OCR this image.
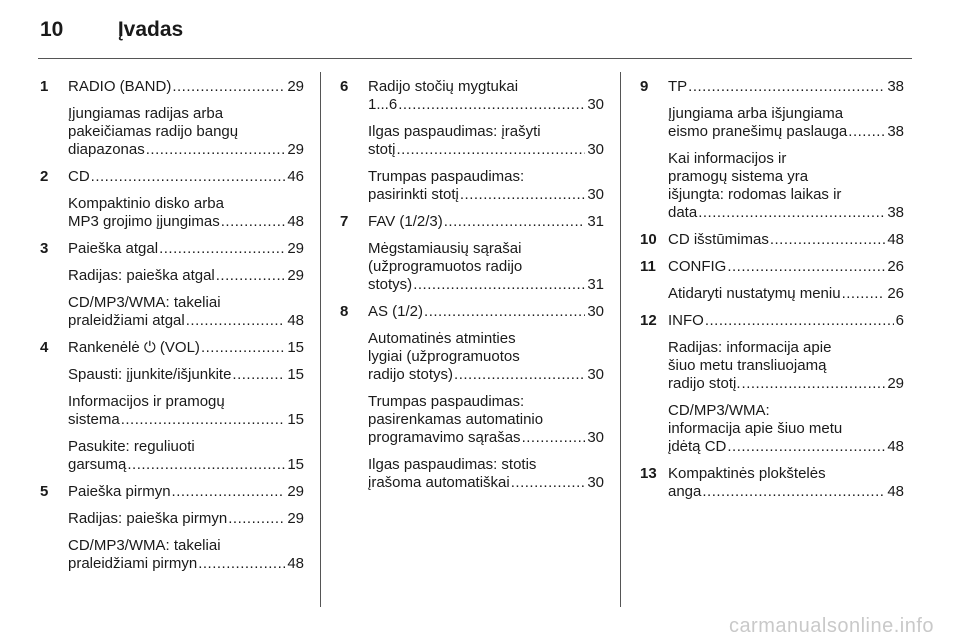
10	Įvadas
1 RADIO (BAND) .....	29
Įjungiamas radijas arba
pakeičiamas radijo bangų
diapazonas .....	29
2 CD .....	46
Kompaktinio disko arba
MP3 grojimo įjungimas .....	48
3 Paieška atgal .....	29
Radijas: paieška atgal .....	29
CD/MP3/WMA: takeliai
praleidžiami atgal .....	48
4 Rankenėlė ⏻ (VOL) .....	15
Spausti: įjunkite/išjunkite .....	15
Informacijos ir pramogų
sistema .....	15
Pasukite: reguliuoti
garsumą .....	15
5 Paieška pirmyn .....	29
Radijas: paieška pirmyn .....	29
CD/MP3/WMA: takeliai
praleidžiami pirmyn .....	48
6 Radijo stočių mygtukai
1...6 .....	30
Ilgas paspaudimas: įrašyti
stotį .....	30
Trumpas paspaudimas:
pasirinkti stotį .....	30
7 FAV (1/2/3) .....	31
Mėgstamiausių sąrašai
(užprogramuotos radijo
stotys) .....	31
8 AS (1/2) .....	30
Automatinės atminties
lygiai (užprogramuotos
radijo stotys) .....	30
Trumpas paspaudimas:
pasirenkamas automatinio
programavimo sąrašas .....	30
Ilgas paspaudimas: stotis
įrašoma automatiškai .....	30
9 TP .....	38
Įjungiama arba išjungiama
eismo pranešimų paslauga .....	38
Kai informacijos ir
pramogų sistema yra
išjungta: rodomas laikas ir
data .....	38
10 CD išstūmimas .....	48
11 CONFIG .....	26
Atidaryti nustatymų meniu .....	26
12 INFO .....	6
Radijas: informacija apie
šiuo metu transliuojamą
radijo stotį. .....	29
CD/MP3/WMA:
informacija apie šiuo metu
įdėtą CD .....	48
13 Kompaktinės plokštelės
anga .....	48
carmanualsonline.info
